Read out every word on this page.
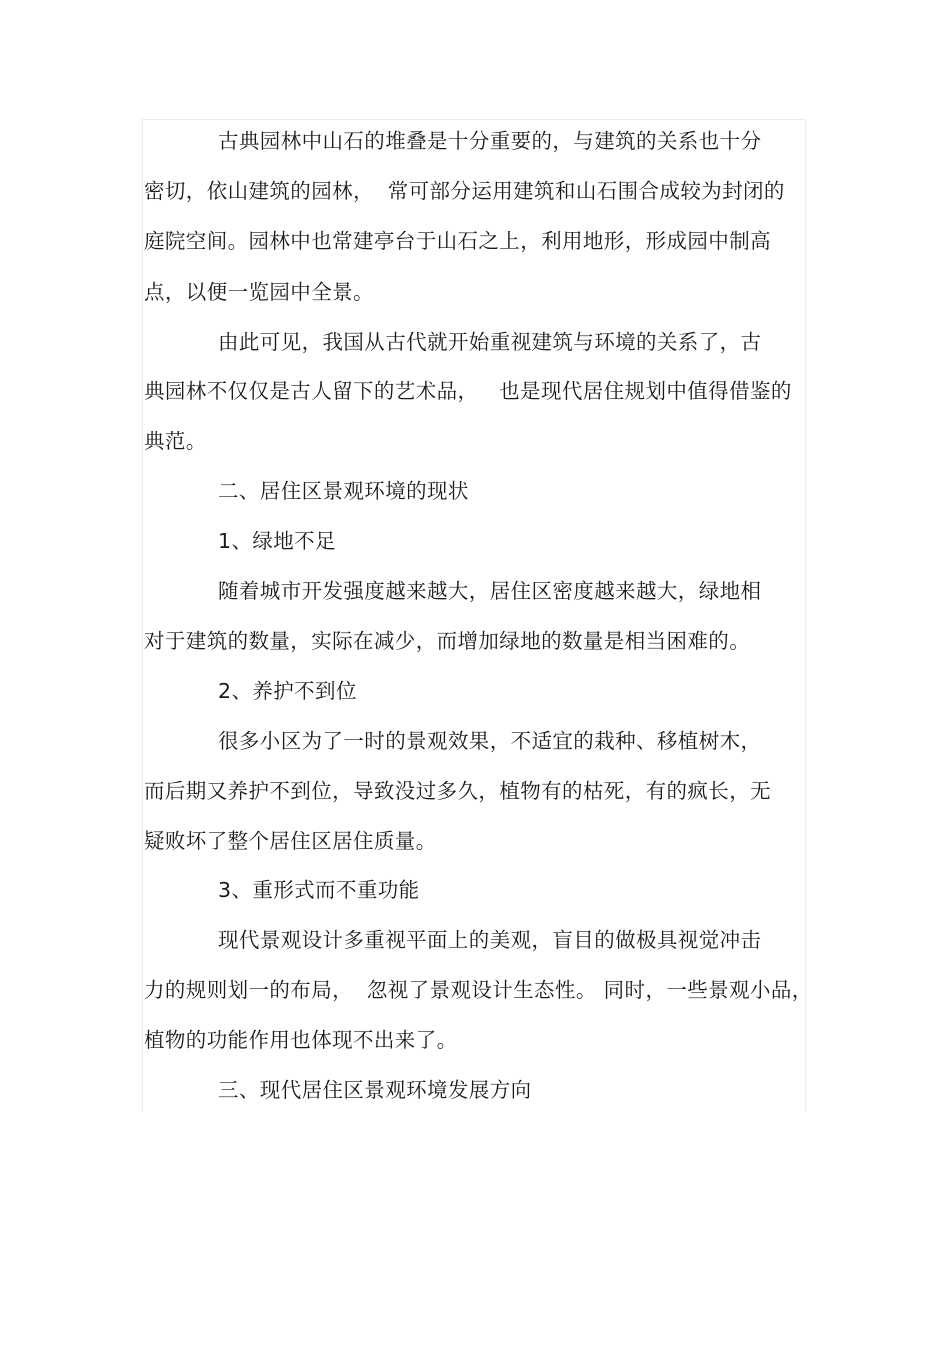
古典园林中山石的堆叠是十分重要的，与建筑的关系也十分
密切，依山建筑的园林，  常可部分运用建筑和山石围合成较为封闭的
庭院空间。园林中也常建亭台于山石之上，利用地形，形成园中制高
点，以便一览园中全景。
由此可见，我国从古代就开始重视建筑与环境的关系了，古
典园林不仅仅是古人留下的艺术品，   也是现代居住规划中值得借鉴的
典范。
二、居住区景观环境的现状
1、绿地不足
随着城市开发强度越来越大，居住区密度越来越大，绿地相
对于建筑的数量，实际在减少，而增加绿地的数量是相当困难的。
2、养护不到位
很多小区为了一时的景观效果，不适宜的栽种、移植树木，
而后期又养护不到位，导致没过多久，植物有的枯死，有的疯长，无
疑败坏了整个居住区居住质量。
3、重形式而不重功能
现代景观设计多重视平面上的美观，盲目的做极具视觉冲击
力的规则划一的布局，  忽视了景观设计生态性。 同时，一些景观小品，
植物的功能作用也体现不出来了。
三、现代居住区景观环境发展方向
